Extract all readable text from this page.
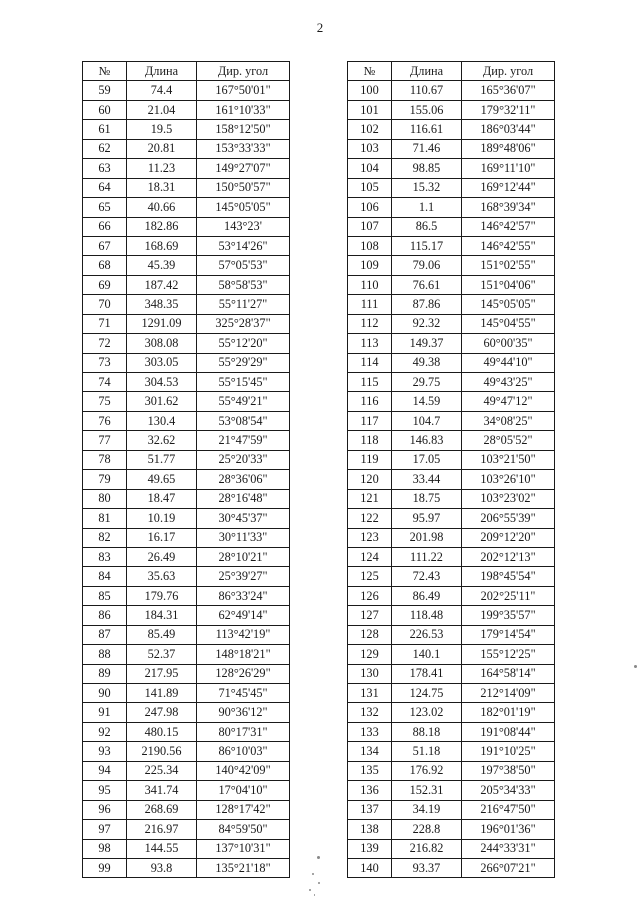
2
№	Длина	Дир. угол
59	74.4	167°50'01"
60	21.04	161°10'33"
61	19.5	158°12'50"
62	20.81	153°33'33"
63	11.23	149°27'07"
64	18.31	150°50'57"
65	40.66	145°05'05"
66	182.86	143°23'
67	168.69	53°14'26"
68	45.39	57°05'53"
69	187.42	58°58'53"
70	348.35	55°11'27"
71	1291.09	325°28'37"
72	308.08	55°12'20"
73	303.05	55°29'29"
74	304.53	55°15'45"
75	301.62	55°49'21"
76	130.4	53°08'54"
77	32.62	21°47'59"
78	51.77	25°20'33"
79	49.65	28°36'06"
80	18.47	28°16'48"
81	10.19	30°45'37"
82	16.17	30°11'33"
83	26.49	28°10'21"
84	35.63	25°39'27"
85	179.76	86°33'24"
86	184.31	62°49'14"
87	85.49	113°42'19"
88	52.37	148°18'21"
89	217.95	128°26'29"
90	141.89	71°45'45"
91	247.98	90°36'12"
92	480.15	80°17'31"
93	2190.56	86°10'03"
94	225.34	140°42'09"
95	341.74	17°04'10"
96	268.69	128°17'42"
97	216.97	84°59'50"
98	144.55	137°10'31"
99	93.8	135°21'18"
№	Длина	Дир. угол
100	110.67	165°36'07"
101	155.06	179°32'11"
102	116.61	186°03'44"
103	71.46	189°48'06"
104	98.85	169°11'10"
105	15.32	169°12'44"
106	1.1	168°39'34"
107	86.5	146°42'57"
108	115.17	146°42'55"
109	79.06	151°02'55"
110	76.61	151°04'06"
111	87.86	145°05'05"
112	92.32	145°04'55"
113	149.37	60°00'35"
114	49.38	49°44'10"
115	29.75	49°43'25"
116	14.59	49°47'12"
117	104.7	34°08'25"
118	146.83	28°05'52"
119	17.05	103°21'50"
120	33.44	103°26'10"
121	18.75	103°23'02"
122	95.97	206°55'39"
123	201.98	209°12'20"
124	111.22	202°12'13"
125	72.43	198°45'54"
126	86.49	202°25'11"
127	118.48	199°35'57"
128	226.53	179°14'54"
129	140.1	155°12'25"
130	178.41	164°58'14"
131	124.75	212°14'09"
132	123.02	182°01'19"
133	88.18	191°08'44"
134	51.18	191°10'25"
135	176.92	197°38'50"
136	152.31	205°34'33"
137	34.19	216°47'50"
138	228.8	196°01'36"
139	216.82	244°33'31"
140	93.37	266°07'21"
